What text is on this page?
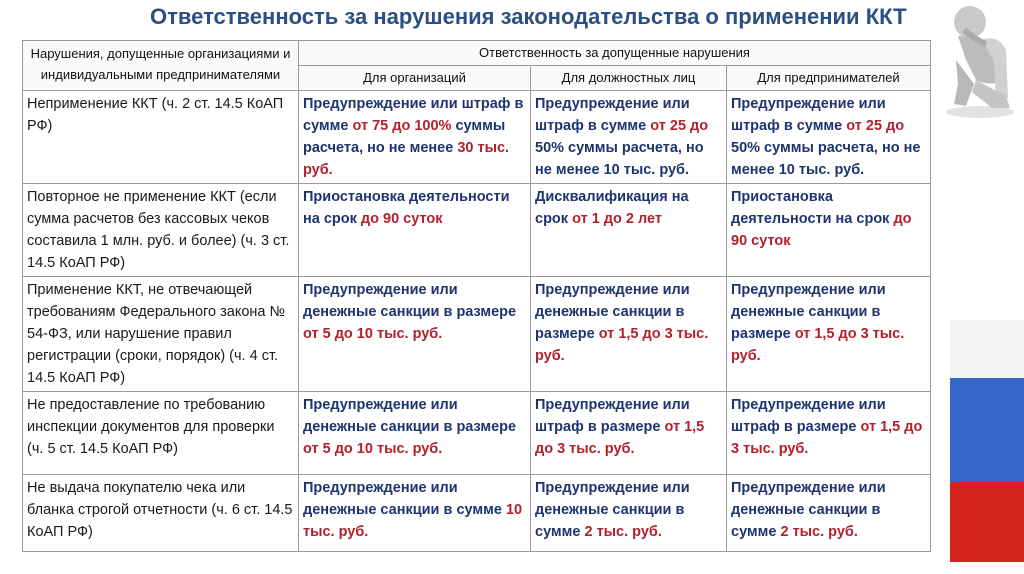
Ответственность за нарушения законодательства о применении ККТ
Нарушения, допущенные организациями и индивидуальными предпринимателями	Ответственность за допущенные нарушения		
	Для организаций	Для должностных лиц	Для предпринимателей
Неприменение ККТ (ч. 2 ст. 14.5 КоАП РФ)	Предупреждение или штраф в сумме от 75 до 100% суммы расчета, но не менее 30 тыс. руб.	Предупреждение или штраф в сумме от 25 до 50% суммы расчета, но не менее 10 тыс. руб.	Предупреждение или штраф в сумме от 25 до 50% суммы расчета, но не менее 10 тыс. руб.
Повторное не применение ККТ (если сумма расчетов без кассовых чеков составила 1 млн. руб. и более) (ч. 3 ст. 14.5 КоАП РФ)	Приостановка деятельности на срок до 90 суток	Дисквалификация на срок от 1 до 2 лет	Приостановка деятельности на срок до 90 суток
Применение ККТ, не отвечающей требованиям Федерального закона № 54-ФЗ, или нарушение правил регистрации (сроки, порядок) (ч. 4 ст. 14.5 КоАП РФ)	Предупреждение или денежные санкции в размере от 5 до 10 тыс. руб.	Предупреждение или денежные санкции в размере от 1,5 до 3 тыс. руб.	Предупреждение или денежные санкции в размере от 1,5 до 3 тыс. руб.
Не предоставление по требованию инспекции документов для проверки (ч. 5 ст. 14.5 КоАП РФ)	Предупреждение или денежные санкции в размере от 5 до 10 тыс. руб.	Предупреждение или штраф в размере от 1,5 до 3 тыс. руб.	Предупреждение или штраф в размере от 1,5 до 3 тыс. руб.
Не выдача покупателю чека или бланка строгой отчетности (ч. 6 ст. 14.5 КоАП РФ)	Предупреждение или денежные санкции в сумме 10 тыс. руб.	Предупреждение или денежные санкции в сумме 2 тыс. руб.	Предупреждение или денежные санкции в сумме 2 тыс. руб.
